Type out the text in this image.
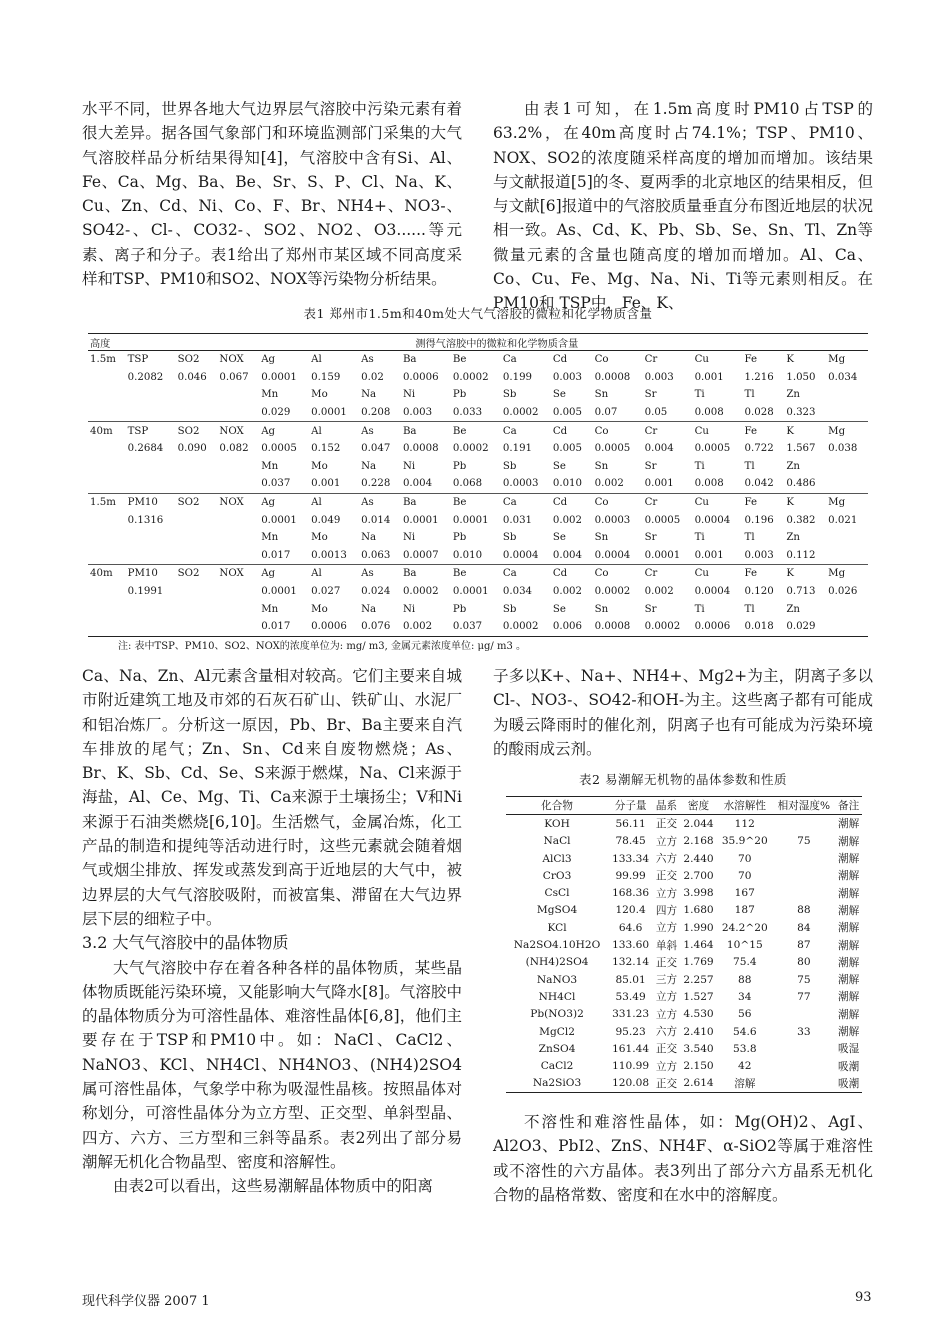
水平不同，世界各地大气边界层气溶胶中污染元素有着很大差异。据各国气象部门和环境监测部门采集的大气气溶胶样品分析结果得知[4]，气溶胶中含有Si、Al、Fe、Ca、Mg、Ba、Be、Sr、S、P、Cl、Na、K、Cu、Zn、Cd、Ni、Co、F、Br、NH4+、NO3-、SO42-、Cl-、CO32-、SO2、NO2、O3......等元素、离子和分子。表1给出了郑州市某区域不同高度采样和TSP、PM10和SO2、NOX等污染物分析结果。

由表1可知，在1.5m高度时PM10占TSP的63.2%，在40m高度时占74.1%；TSP、PM10、NOX、SO2的浓度随采样高度的增加而增加。该结果与文献报道[5]的冬、夏两季的北京地区的结果相反，但与文献[6]报道中的气溶胶质量垂直分布图近地层的状况相一致。As、Cd、K、Pb、Sb、Se、Sn、Tl、Zn等微量元素的含量也随高度的增加而增加。Al、Ca、Co、Cu、Fe、Mg、Na、Ni、Ti等元素则相反。在PM10和 TSP中，Fe、K、

表1 郑州市1.5m和40m处大气气溶胶的微粒和化学物质含量
高度	测得气溶胶中的微粒和化学物质含量															
1.5m	TSP	SO2	NOX	Ag	Al	As	Ba	Be	Ca	Cd	Co	Cr	Cu	Fe	K	Mg
	0.2082	0.046	0.067	0.0001	0.159	0.02	0.0006	0.0002	0.199	0.003	0.0008	0.003	0.001	1.216	1.050	0.034
				Mn	Mo	Na	Ni	Pb	Sb	Se	Sn	Sr	Ti	Tl	Zn	
				0.029	0.0001	0.208	0.003	0.033	0.0002	0.005	0.07	0.05	0.008	0.028	0.323	
40m	TSP	SO2	NOX	Ag	Al	As	Ba	Be	Ca	Cd	Co	Cr	Cu	Fe	K	Mg
	0.2684	0.090	0.082	0.0005	0.152	0.047	0.0008	0.0002	0.191	0.005	0.0005	0.004	0.0005	0.722	1.567	0.038
				Mn	Mo	Na	Ni	Pb	Sb	Se	Sn	Sr	Ti	Tl	Zn	
				0.037	0.001	0.228	0.004	0.068	0.0003	0.010	0.002	0.001	0.008	0.042	0.486	
1.5m	PM10	SO2	NOX	Ag	Al	As	Ba	Be	Ca	Cd	Co	Cr	Cu	Fe	K	Mg
	0.1316			0.0001	0.049	0.014	0.0001	0.0001	0.031	0.002	0.0003	0.0005	0.0004	0.196	0.382	0.021
				Mn	Mo	Na	Ni	Pb	Sb	Se	Sn	Sr	Ti	Tl	Zn	
				0.017	0.0013	0.063	0.0007	0.010	0.0004	0.004	0.0004	0.0001	0.001	0.003	0.112	
40m	PM10	SO2	NOX	Ag	Al	As	Ba	Be	Ca	Cd	Co	Cr	Cu	Fe	K	Mg
	0.1991			0.0001	0.027	0.024	0.0002	0.0001	0.034	0.002	0.0002	0.002	0.0004	0.120	0.713	0.026
				Mn	Mo	Na	Ni	Pb	Sb	Se	Sn	Sr	Ti	Tl	Zn	
				0.017	0.0006	0.076	0.002	0.037	0.0002	0.006	0.0008	0.0002	0.0006	0.018	0.029	
注: 表中TSP、PM10、SO2、NOX的浓度单位为: mg/ m3, 金属元素浓度单位: μg/ m3 。

Ca、Na、Zn、Al元素含量相对较高。它们主要来自城市附近建筑工地及市郊的石灰石矿山、铁矿山、水泥厂和铝冶炼厂。分析这一原因，Pb、Br、Ba主要来自汽车排放的尾气；Zn、Sn、Cd来自废物燃烧；As、Br、K、Sb、Cd、Se、S来源于燃煤，Na、Cl来源于海盐，Al、Ce、Mg、Ti、Ca来源于土壤扬尘；V和Ni来源于石油类燃烧[6,10]。生活燃气，金属冶炼，化工产品的制造和提纯等活动进行时，这些元素就会随着烟气或烟尘排放、挥发或蒸发到高于近地层的大气中，被边界层的大气气溶胶吸附，而被富集、滞留在大气边界层下层的细粒子中。

3.2 大气气溶胶中的晶体物质

大气气溶胶中存在着各种各样的晶体物质，某些晶体物质既能污染环境，又能影响大气降水[8]。气溶胶中的晶体物质分为可溶性晶体、难溶性晶体[6,8]，他们主要存在于TSP和PM10中。如：NaCl、CaCl2、NaNO3、KCl、NH4Cl、NH4NO3、(NH4)2SO4属可溶性晶体，气象学中称为吸湿性晶核。按照晶体对称划分，可溶性晶体分为立方型、正交型、单斜型晶、四方、六方、三方型和三斜等晶系。表2列出了部分易潮解无机化合物晶型、密度和溶解性。

由表2可以看出，这些易潮解晶体物质中的阳离

子多以K+、Na+、NH4+、Mg2+为主，阴离子多以Cl-、NO3-、SO42-和OH-为主。这些离子都有可能成为暖云降雨时的催化剂，阴离子也有可能成为污染环境的酸雨成云剂。

表2 易潮解无机物的晶体参数和性质
化合物	分子量	晶系	密度	水溶解性	相对湿度%	备注
KOH	56.11	正交	2.044	112		潮解
NaCl	78.45	立方	2.168	35.9^20	75	潮解
AlCl3	133.34	六方	2.440	70		潮解
CrO3	99.99	正交	2.700	70		潮解
CsCl	168.36	立方	3.998	167		潮解
MgSO4	120.4	四方	1.680	187	88	潮解
KCl	64.6	立方	1.990	24.2^20	84	潮解
Na2SO4.10H2O	133.60	单斜	1.464	10^15	87	潮解
(NH4)2SO4	132.14	正交	1.769	75.4	80	潮解
NaNO3	85.01	三方	2.257	88	75	潮解
NH4Cl	53.49	立方	1.527	34	77	潮解
Pb(NO3)2	331.23	立方	4.530	56		潮解
MgCl2	95.23	六方	2.410	54.6	33	潮解
ZnSO4	161.44	正交	3.540	53.8		吸湿
CaCl2	110.99	立方	2.150	42		吸潮
Na2SiO3	120.08	正交	2.614	溶解		吸潮

不溶性和难溶性晶体，如：Mg(OH)2、AgI、Al2O3、PbI2、ZnS、NH4F、α-SiO2等属于难溶性或不溶性的六方晶体。表3列出了部分六方晶系无机化合物的晶格常数、密度和在水中的溶解度。

现代科学仪器 2007 1	93
